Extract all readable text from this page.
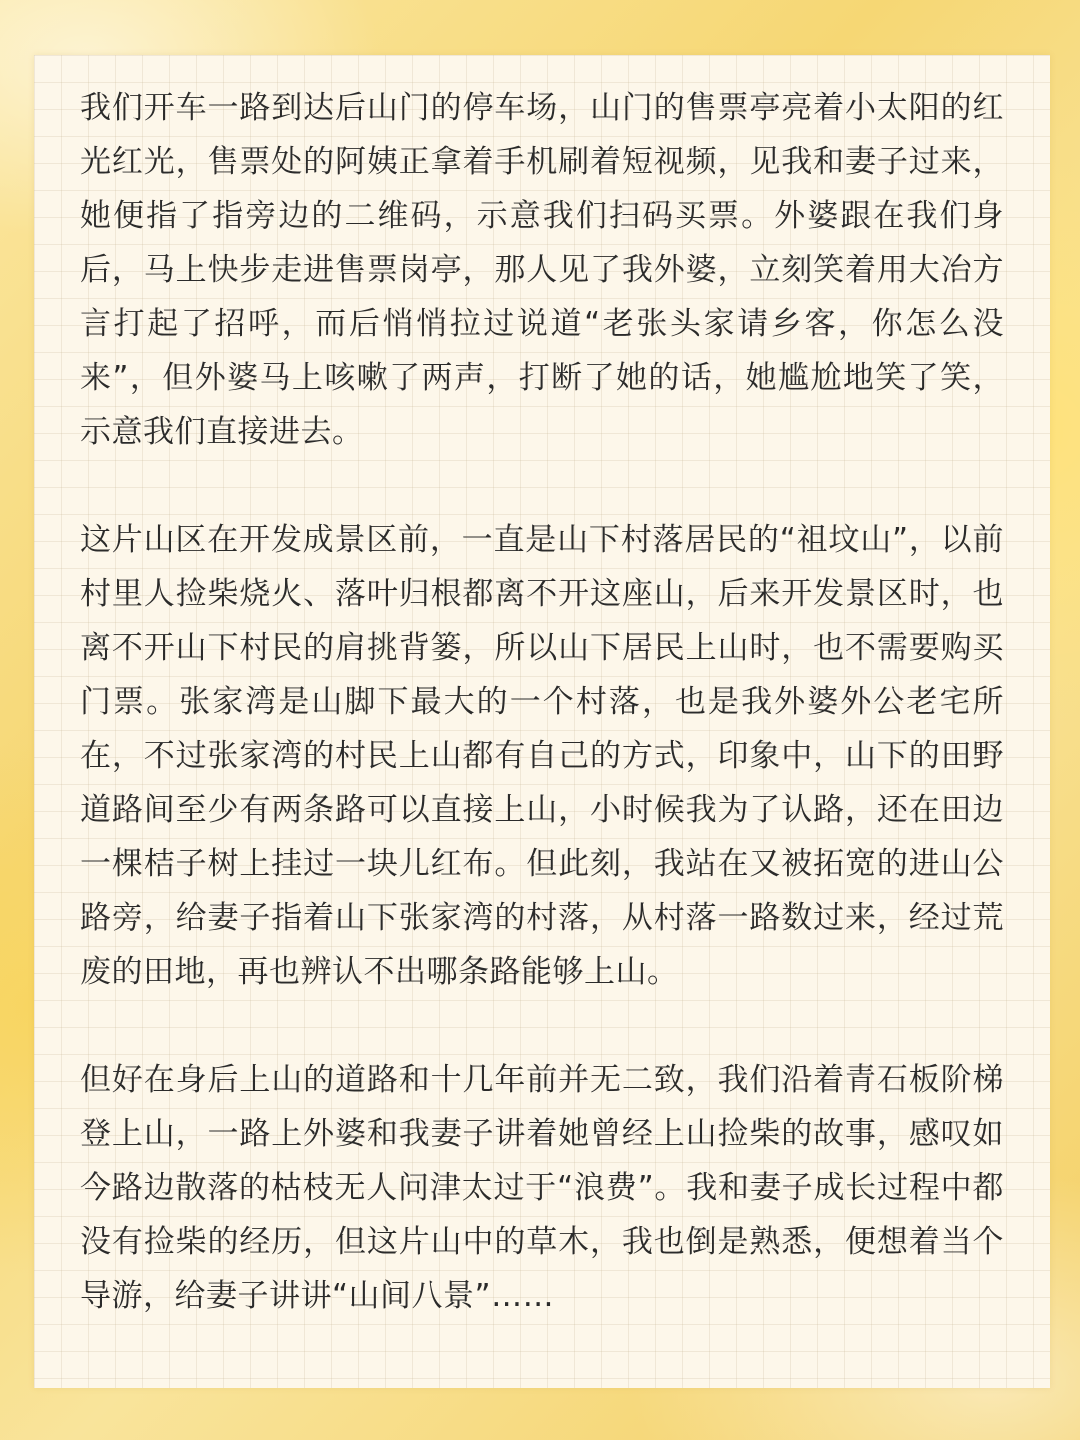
我们开车一路到达后山门的停车场，山门的售票亭亮着小太阳的红光红光，售票处的阿姨正拿着手机刷着短视频，见我和妻子过来，她便指了指旁边的二维码，示意我们扫码买票。外婆跟在我们身后，马上快步走进售票岗亭，那人见了我外婆，立刻笑着用大冶方言打起了招呼，而后悄悄拉过说道“老张头家请乡客，你怎么没来”，但外婆马上咳嗽了两声，打断了她的话，她尴尬地笑了笑，示意我们直接进去。

这片山区在开发成景区前，一直是山下村落居民的“祖坟山”，以前村里人捡柴烧火、落叶归根都离不开这座山，后来开发景区时，也离不开山下村民的肩挑背篓，所以山下居民上山时，也不需要购买门票。张家湾是山脚下最大的一个村落，也是我外婆外公老宅所在，不过张家湾的村民上山都有自己的方式，印象中，山下的田野道路间至少有两条路可以直接上山，小时候我为了认路，还在田边一棵桔子树上挂过一块儿红布。但此刻，我站在又被拓宽的进山公路旁，给妻子指着山下张家湾的村落，从村落一路数过来，经过荒废的田地，再也辨认不出哪条路能够上山。

但好在身后上山的道路和十几年前并无二致，我们沿着青石板阶梯登上山，一路上外婆和我妻子讲着她曾经上山捡柴的故事，感叹如今路边散落的枯枝无人问津太过于“浪费”。我和妻子成长过程中都没有捡柴的经历，但这片山中的草木，我也倒是熟悉，便想着当个导游，给妻子讲讲“山间八景”……
